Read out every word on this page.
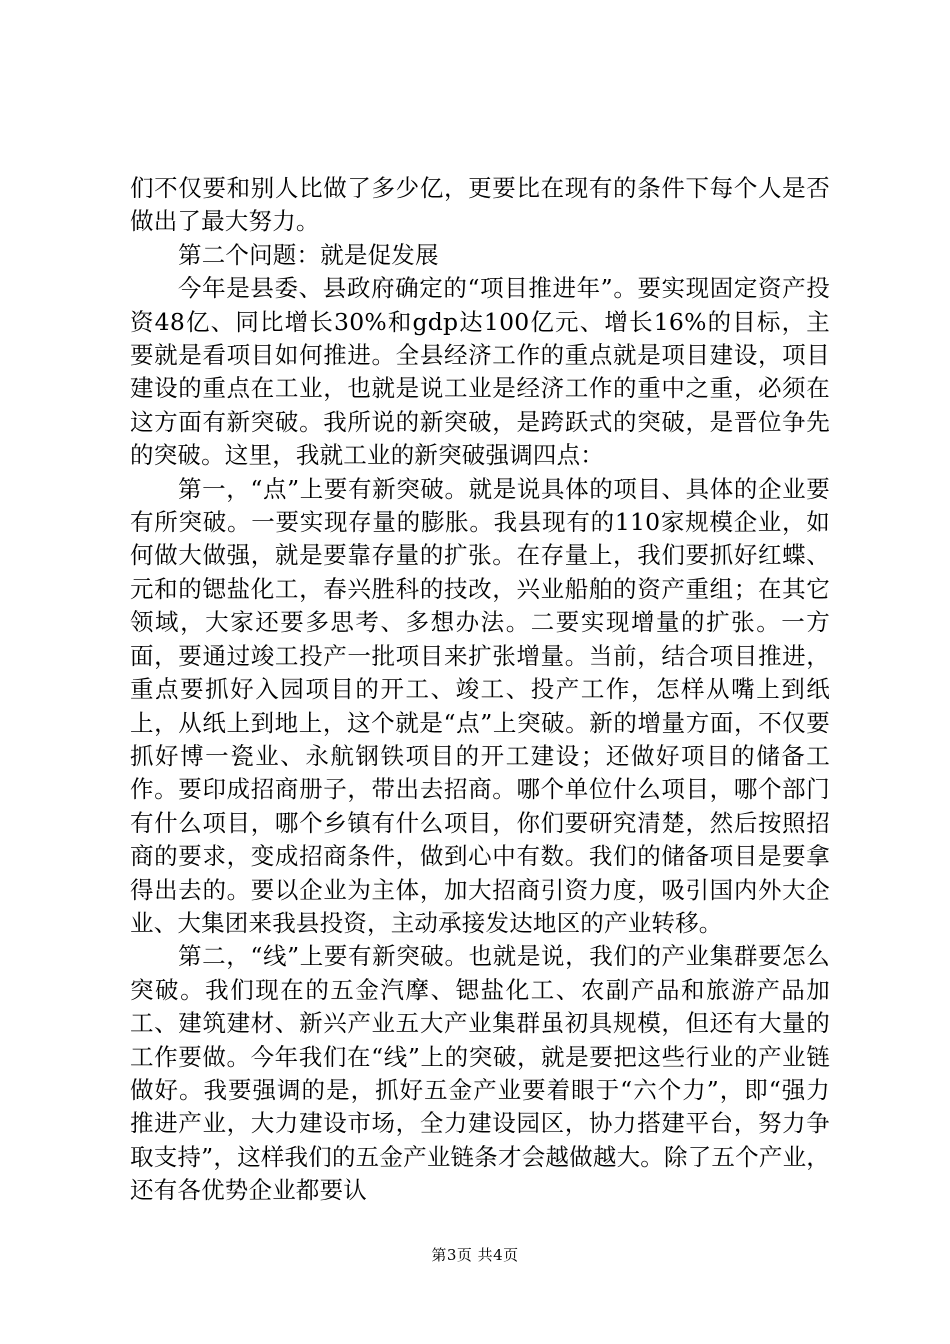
们不仅要和别人比做了多少亿，更要比在现有的条件下每个人是否做出了最大努力。

第二个问题：就是促发展

今年是县委、县政府确定的“项目推进年”。要实现固定资产投资48亿、同比增长30%和gdp达100亿元、增长16%的目标，主要就是看项目如何推进。全县经济工作的重点就是项目建设，项目建设的重点在工业，也就是说工业是经济工作的重中之重，必须在这方面有新突破。我所说的新突破，是跨跃式的突破，是晋位争先的突破。这里，我就工业的新突破强调四点：

第一，“点”上要有新突破。就是说具体的项目、具体的企业要有所突破。一要实现存量的膨胀。我县现有的110家规模企业，如何做大做强，就是要靠存量的扩张。在存量上，我们要抓好红蝶、元和的锶盐化工，春兴胜科的技改，兴业船舶的资产重组；在其它领域，大家还要多思考、多想办法。二要实现增量的扩张。一方面，要通过竣工投产一批项目来扩张增量。当前，结合项目推进，重点要抓好入园项目的开工、竣工、投产工作，怎样从嘴上到纸上，从纸上到地上，这个就是“点”上突破。新的增量方面，不仅要抓好博一瓷业、永航钢铁项目的开工建设；还做好项目的储备工作。要印成招商册子，带出去招商。哪个单位什么项目，哪个部门有什么项目，哪个乡镇有什么项目，你们要研究清楚，然后按照招商的要求，变成招商条件，做到心中有数。我们的储备项目是要拿得出去的。要以企业为主体，加大招商引资力度，吸引国内外大企业、大集团来我县投资，主动承接发达地区的产业转移。

第二，“线”上要有新突破。也就是说，我们的产业集群要怎么突破。我们现在的五金汽摩、锶盐化工、农副产品和旅游产品加工、建筑建材、新兴产业五大产业集群虽初具规模，但还有大量的工作要做。今年我们在“线”上的突破，就是要把这些行业的产业链做好。我要强调的是，抓好五金产业要着眼于“六个力”，即“强力推进产业，大力建设市场，全力建设园区，协力搭建平台，努力争取支持”，这样我们的五金产业链条才会越做越大。除了五个产业，还有各优势企业都要认

第3页 共4页
